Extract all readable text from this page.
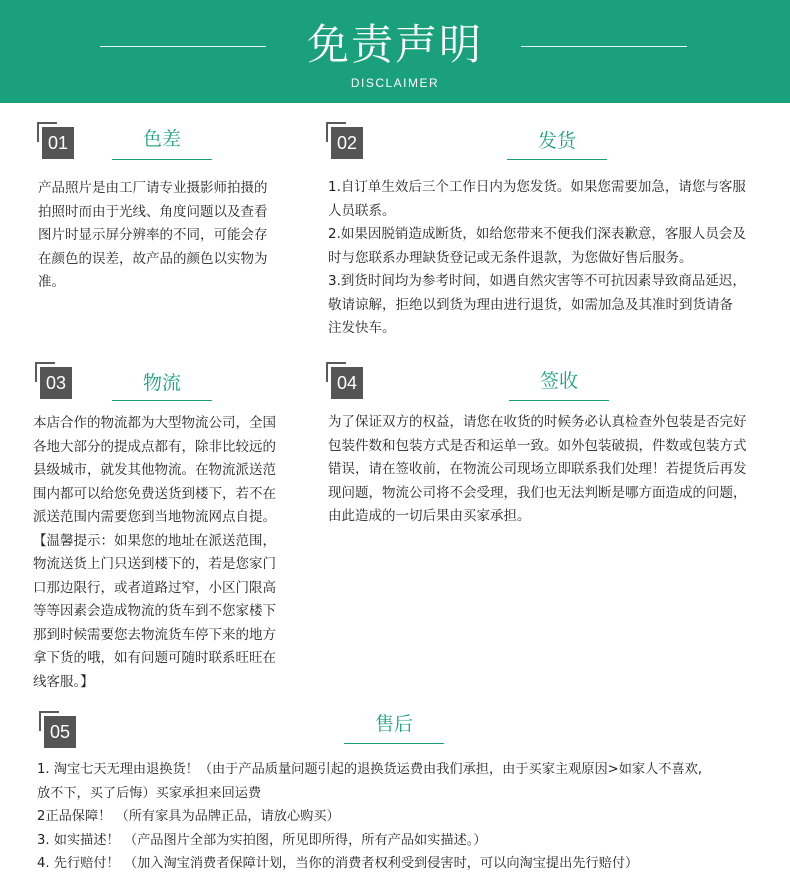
免责声明
DISCLAIMER
01	色差

产品照片是由工厂请专业摄影师拍摄的

拍照时而由于光线、角度问题以及查看

图片时显示屏分辨率的不同，可能会存

在颜色的误差，故产品的颜色以实物为

准。

02	发货

1.自订单生效后三个工作日内为您发货。如果您需要加急，请您与客服

人员联系。

2.如果因脱销造成断货，如给您带来不便我们深表歉意，客服人员会及

时与您联系办理缺货登记或无条件退款，为您做好售后服务。

3.到货时间均为参考时间，如遇自然灾害等不可抗因素导致商品延迟，

敬请谅解，拒绝以到货为理由进行退货，如需加急及其准时到货请备

注发快车。

03	物流

本店合作的物流都为大型物流公司，全国

各地大部分的提成点都有，除非比较远的

县级城市，就发其他物流。在物流派送范

围内都可以给您免费送货到楼下，若不在

派送范围内需要您到当地物流网点自提。

【温馨提示：如果您的地址在派送范围，

物流送货上门只送到楼下的，若是您家门

口那边限行，或者道路过窄，小区门限高

等等因素会造成物流的货车到不您家楼下

那到时候需要您去物流货车停下来的地方

拿下货的哦，如有问题可随时联系旺旺在

线客服。】

04	签收

为了保证双方的权益，请您在收货的时候务必认真检查外包装是否完好

包装件数和包装方式是否和运单一致。如外包装破损，件数或包装方式

错误，请在签收前，在物流公司现场立即联系我们处理！若提货后再发

现问题，物流公司将不会受理，我们也无法判断是哪方面造成的问题，

由此造成的一切后果由买家承担。

05	售后

1. 淘宝七天无理由退换货！（由于产品质量问题引起的退换货运费由我们承担，由于买家主观原因>如家人不喜欢,

放不下，买了后悔）买家承担来回运费

2正品保障！ （所有家具为品牌正品，请放心购买）

3. 如实描述！ （产品图片全部为实拍图，所见即所得，所有产品如实描述。）

4. 先行赔付！ （加入淘宝消费者保障计划，当你的消费者权利受到侵害时，可以向淘宝提出先行赔付）
